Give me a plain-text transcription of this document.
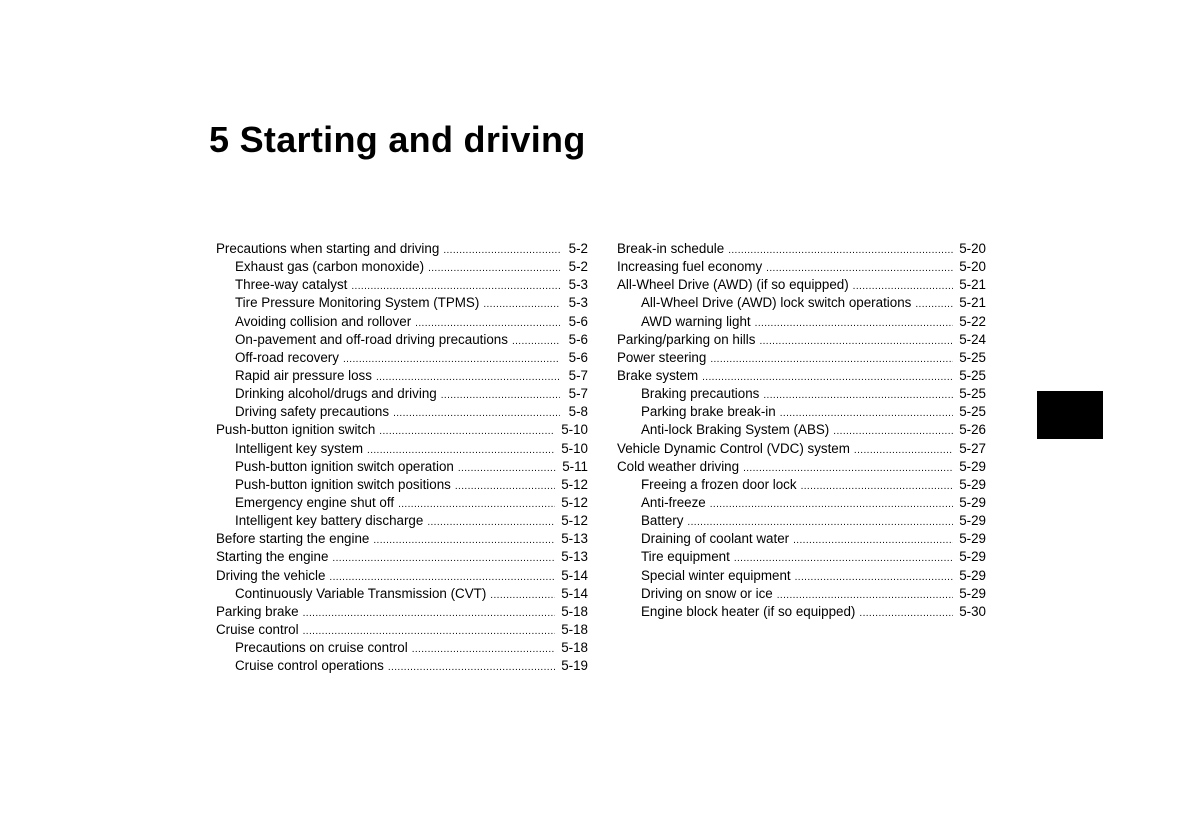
5 Starting and driving
Precautions when starting and driving .....	5-2
Exhaust gas (carbon monoxide) .....	5-2
Three-way catalyst .....	5-3
Tire Pressure Monitoring System (TPMS) .....	5-3
Avoiding collision and rollover .....	5-6
On-pavement and off-road driving precautions .....	5-6
Off-road recovery .....	5-6
Rapid air pressure loss .....	5-7
Drinking alcohol/drugs and driving .....	5-7
Driving safety precautions .....	5-8
Push-button ignition switch .....	5-10
Intelligent key system .....	5-10
Push-button ignition switch operation .....	5-11
Push-button ignition switch positions .....	5-12
Emergency engine shut off .....	5-12
Intelligent key battery discharge .....	5-12
Before starting the engine .....	5-13
Starting the engine .....	5-13
Driving the vehicle .....	5-14
Continuously Variable Transmission (CVT) .....	5-14
Parking brake .....	5-18
Cruise control .....	5-18
Precautions on cruise control .....	5-18
Cruise control operations .....	5-19
Break-in schedule .....	5-20
Increasing fuel economy .....	5-20
All-Wheel Drive (AWD) (if so equipped) .....	5-21
All-Wheel Drive (AWD) lock switch operations .....	5-21
AWD warning light .....	5-22
Parking/parking on hills .....	5-24
Power steering .....	5-25
Brake system .....	5-25
Braking precautions .....	5-25
Parking brake break-in .....	5-25
Anti-lock Braking System (ABS) .....	5-26
Vehicle Dynamic Control (VDC) system .....	5-27
Cold weather driving .....	5-29
Freeing a frozen door lock .....	5-29
Anti-freeze .....	5-29
Battery .....	5-29
Draining of coolant water .....	5-29
Tire equipment .....	5-29
Special winter equipment .....	5-29
Driving on snow or ice .....	5-29
Engine block heater (if so equipped) .....	5-30
